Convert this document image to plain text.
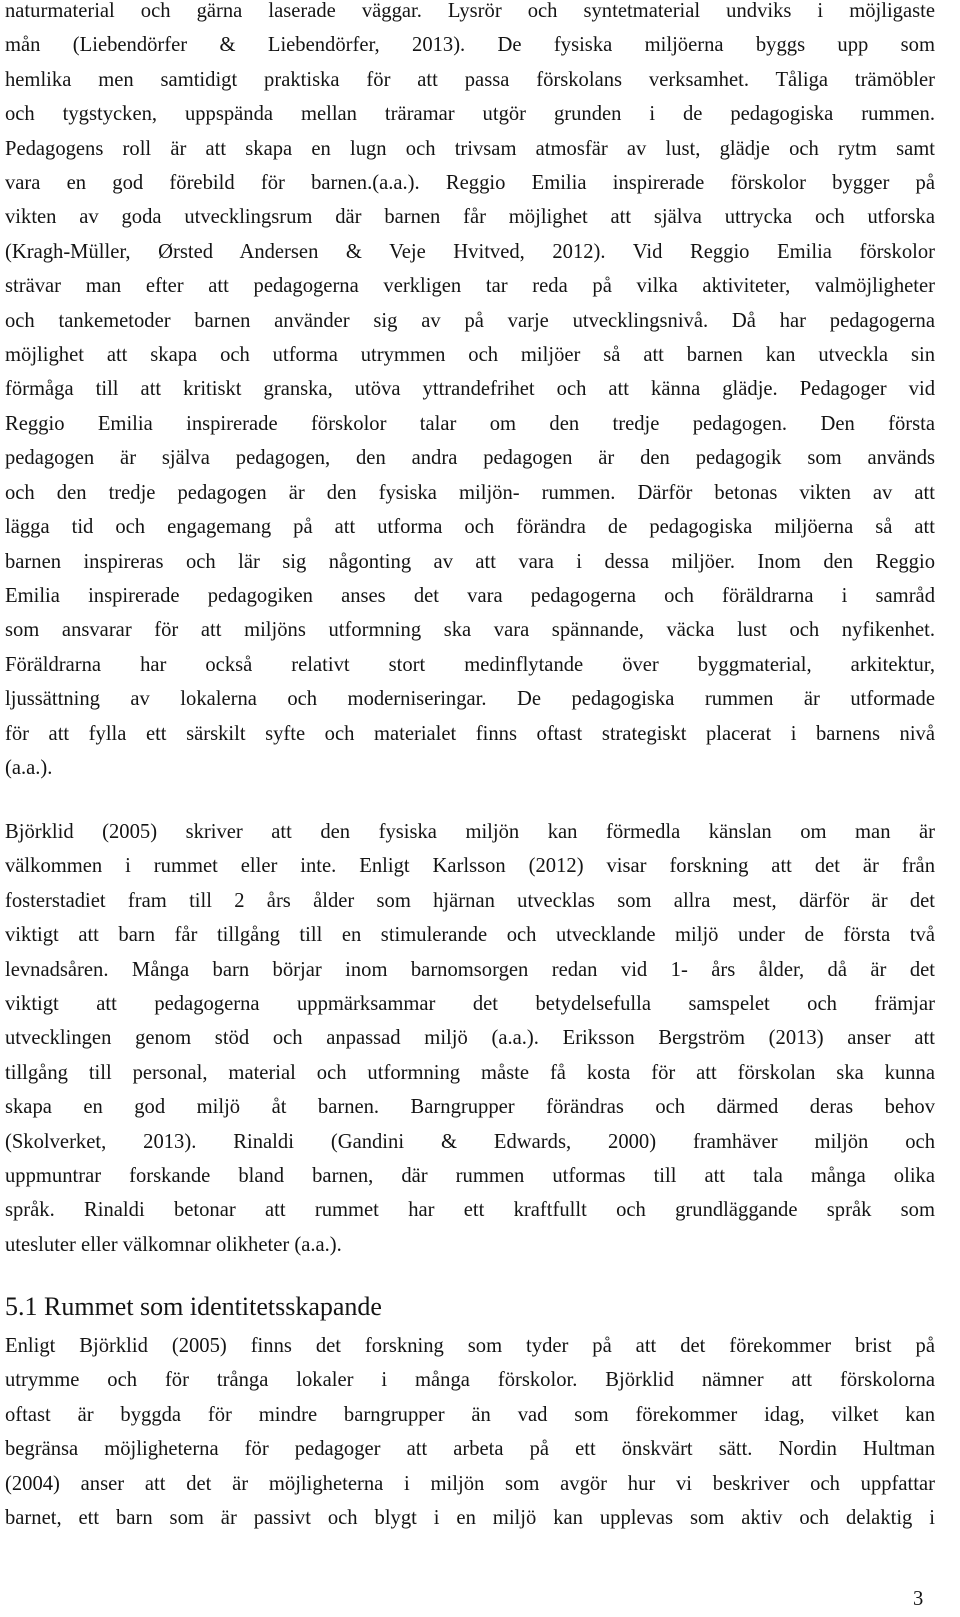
naturmaterial och gärna laserade väggar. Lysrör och syntetmaterial undviks i möjligaste
mån (Liebendörfer & Liebendörfer, 2013). De fysiska miljöerna byggs upp som
hemlika men samtidigt praktiska för att passa förskolans verksamhet. Tåliga trämöbler
och tygstycken, uppspända mellan träramar utgör grunden i de pedagogiska rummen.
Pedagogens roll är att skapa en lugn och trivsam atmosfär av lust, glädje och rytm samt
vara en god förebild för barnen.(a.a.). Reggio Emilia inspirerade förskolor bygger på
vikten av goda utvecklingsrum där barnen får möjlighet att själva uttrycka och utforska
(Kragh-Müller, Ørsted Andersen & Veje Hvitved, 2012). Vid Reggio Emilia förskolor
strävar man efter att pedagogerna verkligen tar reda på vilka aktiviteter, valmöjligheter
och tankemetoder barnen använder sig av på varje utvecklingsnivå. Då har pedagogerna
möjlighet att skapa och utforma utrymmen och miljöer så att barnen kan utveckla sin
förmåga till att kritiskt granska, utöva yttrandefrihet och att känna glädje. Pedagoger vid
Reggio Emilia inspirerade förskolor talar om den tredje pedagogen. Den första
pedagogen är själva pedagogen, den andra pedagogen är den pedagogik som används
och den tredje pedagogen är den fysiska miljön- rummen. Därför betonas vikten av att
lägga tid och engagemang på att utforma och förändra de pedagogiska miljöerna så att
barnen inspireras och lär sig någonting av att vara i dessa miljöer. Inom den Reggio
Emilia inspirerade pedagogiken anses det vara pedagogerna och föräldrarna i samråd
som ansvarar för att miljöns utformning ska vara spännande, väcka lust och nyfikenhet.
Föräldrarna har också relativt stort medinflytande över byggmaterial, arkitektur,
ljussättning av lokalerna och moderniseringar. De pedagogiska rummen är utformade
för att fylla ett särskilt syfte och materialet finns oftast strategiskt placerat i barnens nivå
(a.a.).
Björklid (2005) skriver att den fysiska miljön kan förmedla känslan om man är
välkommen i rummet eller inte. Enligt Karlsson (2012) visar forskning att det är från
fosterstadiet fram till 2 års ålder som hjärnan utvecklas som allra mest, därför är det
viktigt att barn får tillgång till en stimulerande och utvecklande miljö under de första två
levnadsåren. Många barn börjar inom barnomsorgen redan vid 1- års ålder, då är det
viktigt att pedagogerna uppmärksammar det betydelsefulla samspelet och främjar
utvecklingen genom stöd och anpassad miljö (a.a.). Eriksson Bergström (2013) anser att
tillgång till personal, material och utformning måste få kosta för att förskolan ska kunna
skapa en god miljö åt barnen. Barngrupper förändras och därmed deras behov
(Skolverket, 2013). Rinaldi (Gandini & Edwards, 2000) framhäver miljön och
uppmuntrar forskande bland barnen, där rummen utformas till att tala många olika
språk. Rinaldi betonar att rummet har ett kraftfullt och grundläggande språk som
utesluter eller välkomnar olikheter (a.a.).
5.1 Rummet som identitetsskapande
Enligt Björklid (2005) finns det forskning som tyder på att det förekommer brist på
utrymme och för trånga lokaler i många förskolor. Björklid nämner att förskolorna
oftast är byggda för mindre barngrupper än vad som förekommer idag, vilket kan
begränsa möjligheterna för pedagoger att arbeta på ett önskvärt sätt. Nordin Hultman
(2004) anser att det är möjligheterna i miljön som avgör hur vi beskriver och uppfattar
barnet, ett barn som är passivt och blygt i en miljö kan upplevas som aktiv och delaktig i
3
